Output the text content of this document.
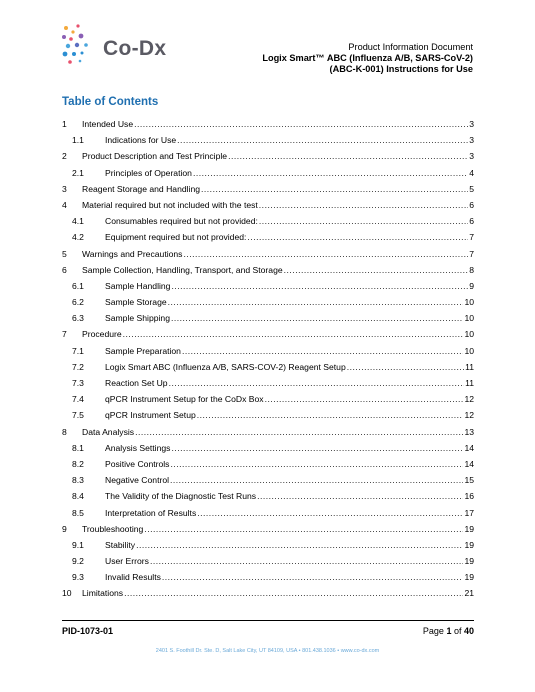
Co-Dx	Product Information Document
Logix Smart™ ABC (Influenza A/B, SARS-CoV-2)
(ABC-K-001) Instructions for Use
Table of Contents
1	Intended Use .....	3
1.1	Indications for Use .....	3
2	Product Description and Test Principle .....	3
2.1	Principles of Operation .....	4
3	Reagent Storage and Handling .....	5
4	Material required but not included with the test .....	6
4.1	Consumables required but not provided: .....	6
4.2	Equipment required but not provided: .....	7
5	Warnings and Precautions .....	7
6	Sample Collection, Handling, Transport, and Storage .....	8
6.1	Sample Handling .....	9
6.2	Sample Storage .....	10
6.3	Sample Shipping .....	10
7	Procedure .....	10
7.1	Sample Preparation .....	10
7.2	Logix Smart ABC (Influenza A/B, SARS-COV-2) Reagent Setup .....	11
7.3	Reaction Set Up .....	11
7.4	qPCR Instrument Setup for the CoDx Box .....	12
7.5	qPCR Instrument Setup .....	12
8	Data Analysis .....	13
8.1	Analysis Settings .....	14
8.2	Positive Controls .....	14
8.3	Negative Control .....	15
8.4	The Validity of the Diagnostic Test Runs .....	16
8.5	Interpretation of Results .....	17
9	Troubleshooting .....	19
9.1	Stability .....	19
9.2	User Errors .....	19
9.3	Invalid Results .....	19
10	Limitations .....	21
PID-1073-01	Page 1 of 40
2401 S. Foothill Dr. Ste. D, Salt Lake City, UT 84109, USA • 801.438.1036 • www.co-dx.com
